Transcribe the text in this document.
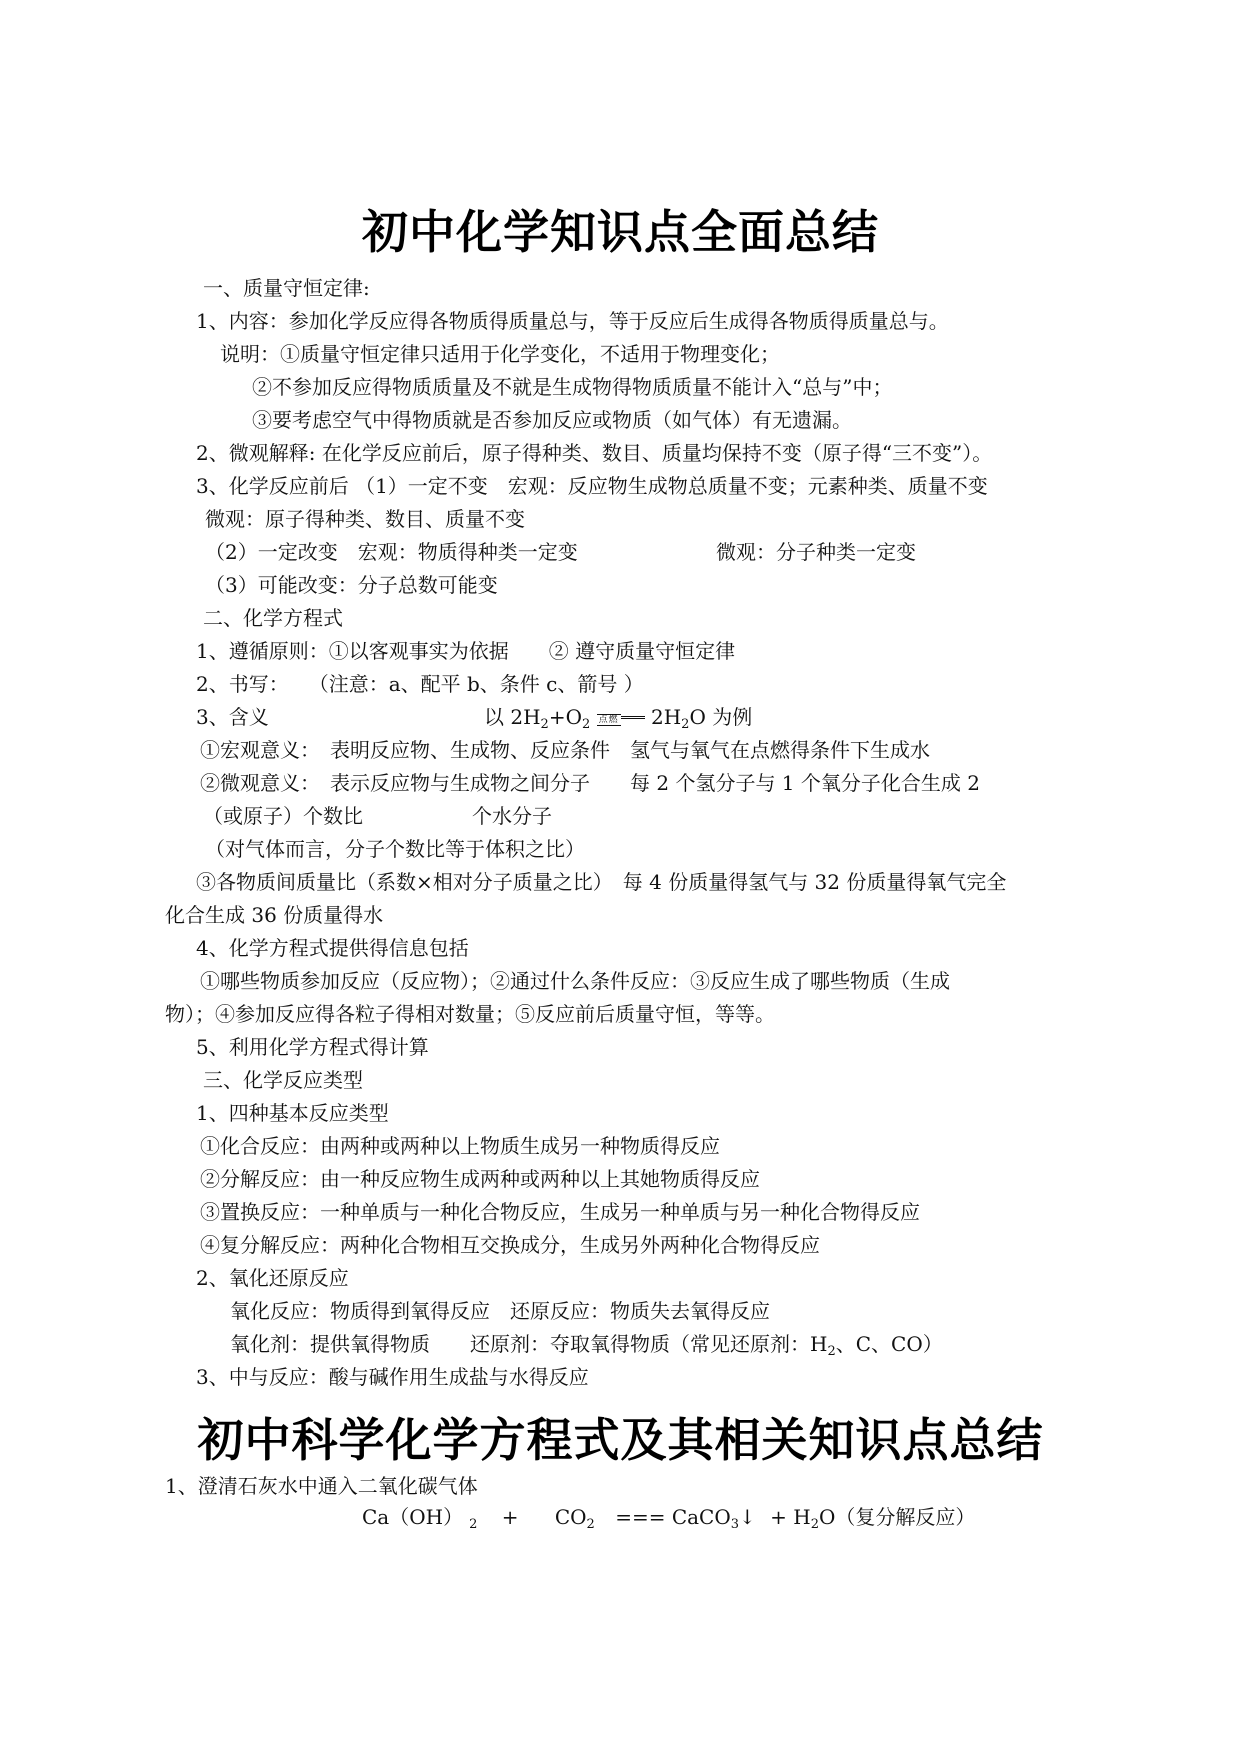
初中化学知识点全面总结
一、质量守恒定律:
1、内容：参加化学反应得各物质得质量总与，等于反应后生成得各物质得质量总与。
说明：①质量守恒定律只适用于化学变化，不适用于物理变化；
②不参加反应得物质质量及不就是生成物得物质质量不能计入“总与”中；
③要考虑空气中得物质就是否参加反应或物质（如气体）有无遗漏。
2、微观解释: 在化学反应前后，原子得种类、数目、质量均保持不变（原子得“三不变”）。
3、化学反应前后 （1）一定不变　宏观：反应物生成物总质量不变；元素种类、质量不变
微观：原子得种类、数目、质量不变
（2）一定改变　宏观：物质得种类一定变	微观：分子种类一定变
（3）可能改变：分子总数可能变
二、化学方程式
1、遵循原则：①以客观事实为依据　　② 遵守质量守恒定律
2、书写：　　（注意：a、配平 b、条件 c、箭号 ）
3、含义	以 $2H_2+O_2$ 点燃 $2H_2O$ 为例
①宏观意义：　表明反应物、生成物、反应条件　氢气与氧气在点燃得条件下生成水
②微观意义：　表示反应物与生成物之间分子　　每 2 个氢分子与 1 个氧分子化合生成 2
（或原子）个数比	个水分子
（对气体而言，分子个数比等于体积之比）
③各物质间质量比（系数×相对分子质量之比）　每 4 份质量得氢气与 32 份质量得氧气完全
化合生成 36 份质量得水
4、化学方程式提供得信息包括
①哪些物质参加反应（反应物）；②通过什么条件反应：③反应生成了哪些物质（生成
物）；④参加反应得各粒子得相对数量；⑤反应前后质量守恒，等等。
5、利用化学方程式得计算
三、化学反应类型
1、四种基本反应类型
①化合反应：由两种或两种以上物质生成另一种物质得反应
②分解反应：由一种反应物生成两种或两种以上其她物质得反应
③置换反应：一种单质与一种化合物反应，生成另一种单质与另一种化合物得反应
④复分解反应：两种化合物相互交换成分，生成另外两种化合物得反应
2、氧化还原反应
氧化反应：物质得到氧得反应　还原反应：物质失去氧得反应
氧化剂：提供氧得物质　　还原剂：夺取氧得物质（常见还原剂：$H_2$、C、CO）
3、中与反应：酸与碱作用生成盐与水得反应
初中科学化学方程式及其相关知识点总结
1、澄清石灰水中通入二氧化碳气体
Ca（OH） $_2 + CO_2$ === CaCO$_3$↓ + $H_2O$（复分解反应）
